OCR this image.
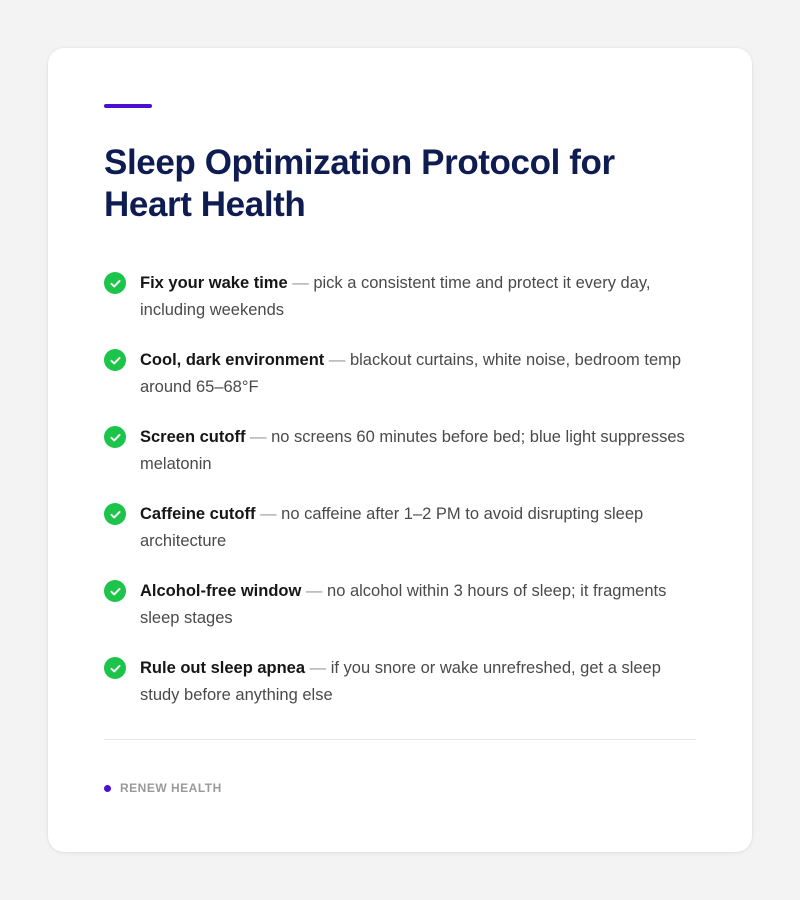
Sleep Optimization Protocol for Heart Health
Fix your wake time — pick a consistent time and protect it every day, including weekends
Cool, dark environment — blackout curtains, white noise, bedroom temp around 65–68°F
Screen cutoff — no screens 60 minutes before bed; blue light suppresses melatonin
Caffeine cutoff — no caffeine after 1–2 PM to avoid disrupting sleep architecture
Alcohol-free window — no alcohol within 3 hours of sleep; it fragments sleep stages
Rule out sleep apnea — if you snore or wake unrefreshed, get a sleep study before anything else
RENEW HEALTH
